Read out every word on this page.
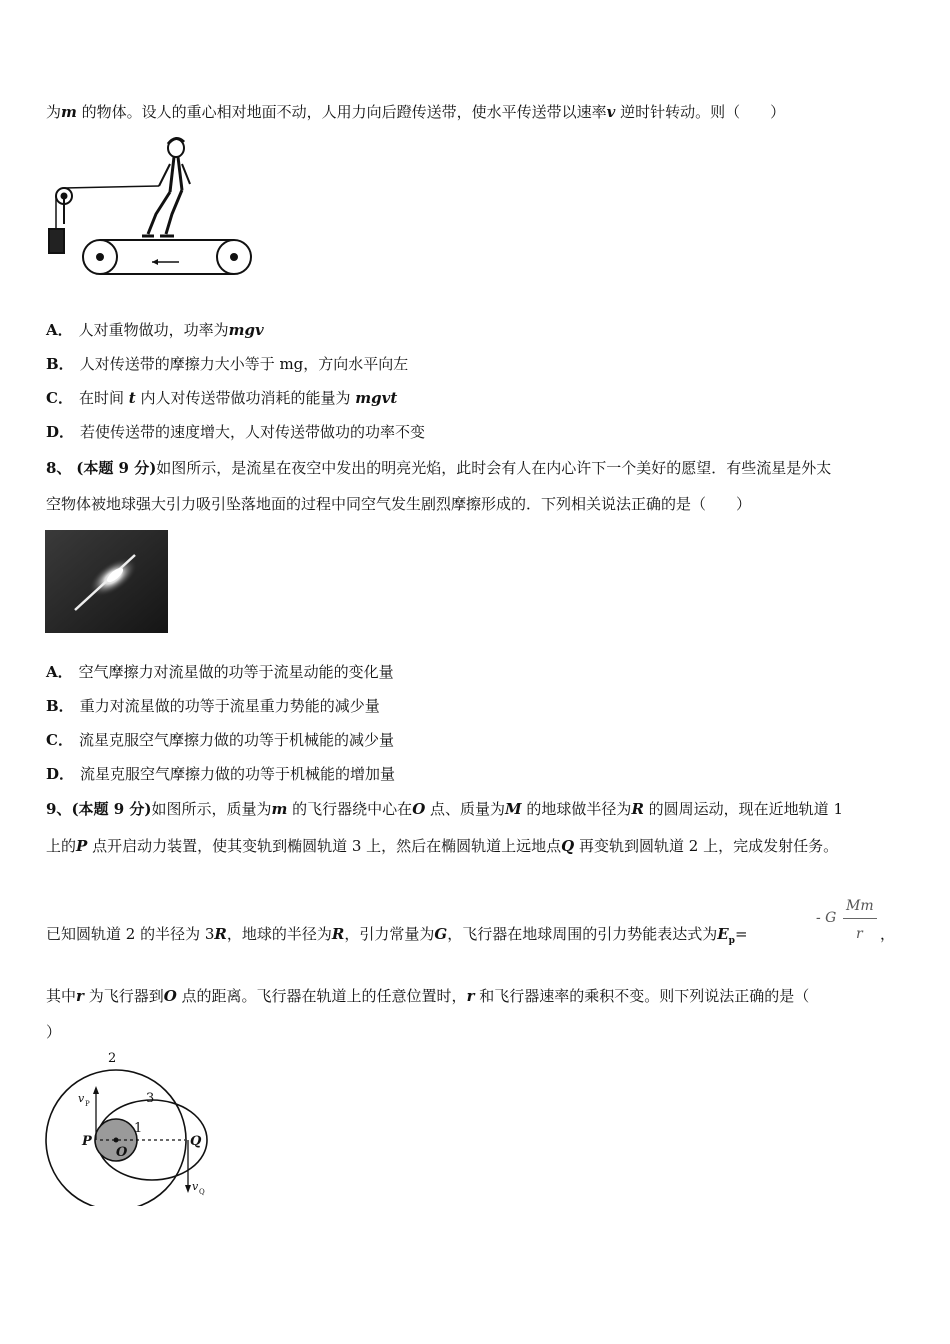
为m 的物体。设人的重心相对地面不动，人用力向后蹬传送带，使水平传送带以速率v 逆时针转动。则（　　）
A． 人对重物做功，功率为mgv
B． 人对传送带的摩擦力大小等于 mg，方向水平向左
C． 在时间 t 内人对传送带做功消耗的能量为 mgvt
D． 若使传送带的速度增大，人对传送带做功的功率不变
8、 (本题 9 分)如图所示，是流星在夜空中发出的明亮光焰，此时会有人在内心许下一个美好的愿望．有些流星是外太
空物体被地球强大引力吸引坠落地面的过程中同空气发生剧烈摩擦形成的．下列相关说法正确的是（　　）
A． 空气摩擦力对流星做的功等于流星动能的变化量
B． 重力对流星做的功等于流星重力势能的减少量
C． 流星克服空气摩擦力做的功等于机械能的减少量
D． 流星克服空气摩擦力做的功等于机械能的增加量
9、(本题 9 分)如图所示，质量为m 的飞行器绕中心在O 点、质量为M 的地球做半径为R 的圆周运动，现在近地轨道 1
上的P 点开启动力装置，使其变轨到椭圆轨道 3 上，然后在椭圆轨道上远地点Q 再变轨到圆轨道 2 上，完成发射任务。
已知圆轨道 2 的半径为 3R，地球的半径为R，引力常量为G，飞行器在地球周围的引力势能表达式为$E_p=$
- G
Mm
r ，
其中r 为飞行器到O 点的距离。飞行器在轨道上的任意位置时，r 和飞行器速率的乘积不变。则下列说法正确的是（
）
2
3
1
P
O
Q
v P
v Q
